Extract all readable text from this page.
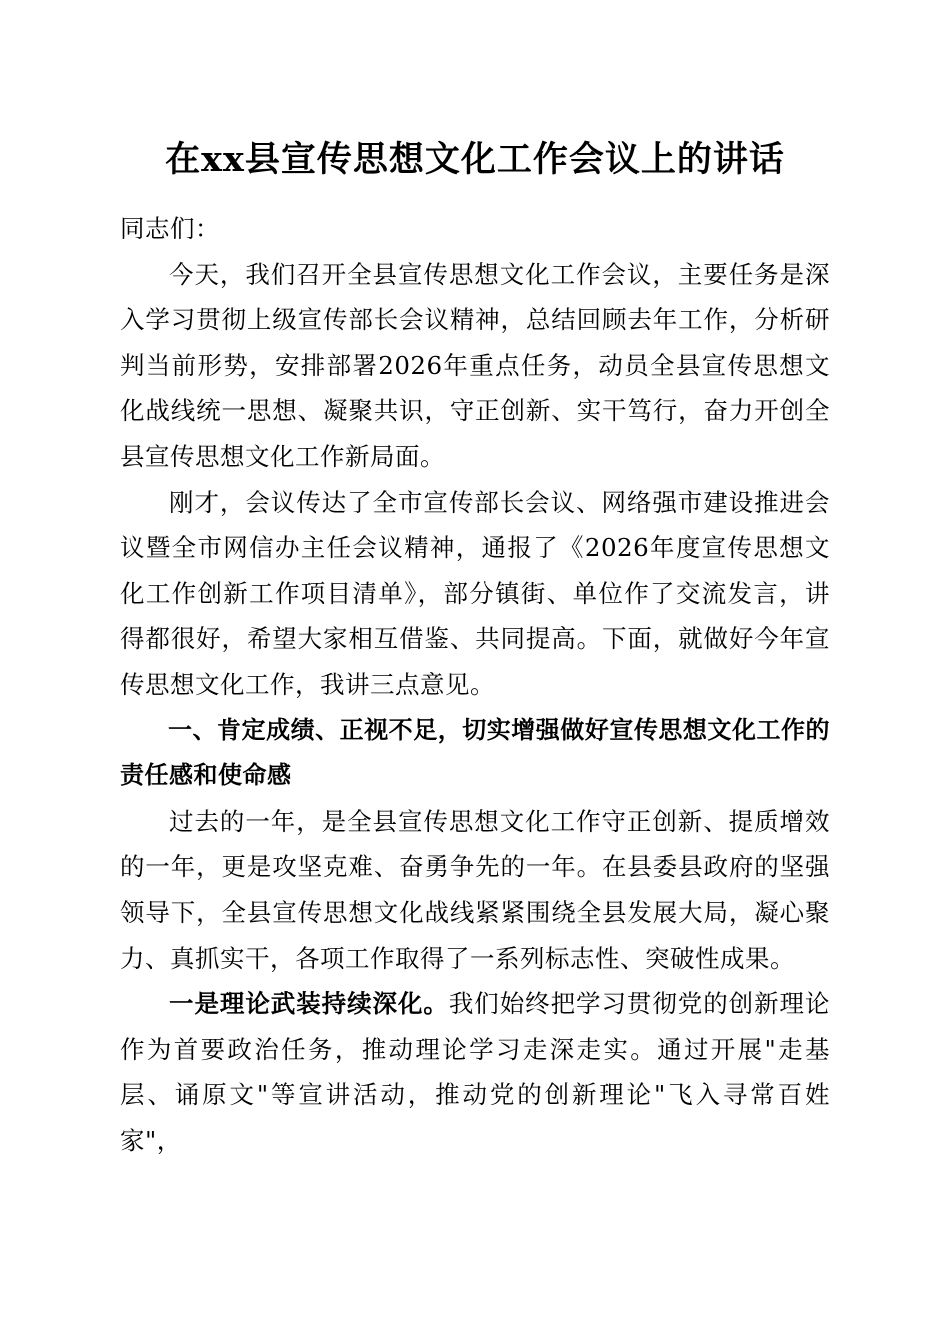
在xx县宣传思想文化工作会议上的讲话

同志们：

今天，我们召开全县宣传思想文化工作会议，主要任务是深入学习贯彻上级宣传部长会议精神，总结回顾去年工作，分析研判当前形势，安排部署2026年重点任务，动员全县宣传思想文化战线统一思想、凝聚共识，守正创新、实干笃行，奋力开创全县宣传思想文化工作新局面。

刚才，会议传达了全市宣传部长会议、网络强市建设推进会议暨全市网信办主任会议精神，通报了《2026年度宣传思想文化工作创新工作项目清单》，部分镇街、单位作了交流发言，讲得都很好，希望大家相互借鉴、共同提高。下面，就做好今年宣传思想文化工作，我讲三点意见。

一、肯定成绩、正视不足，切实增强做好宣传思想文化工作的责任感和使命感

过去的一年，是全县宣传思想文化工作守正创新、提质增效的一年，更是攻坚克难、奋勇争先的一年。在县委县政府的坚强领导下，全县宣传思想文化战线紧紧围绕全县发展大局，凝心聚力、真抓实干，各项工作取得了一系列标志性、突破性成果。

一是理论武装持续深化。我们始终把学习贯彻党的创新理论作为首要政治任务，推动理论学习走深走实。通过开展"走基层、诵原文"等宣讲活动，推动党的创新理论"飞入寻常百姓家"，
